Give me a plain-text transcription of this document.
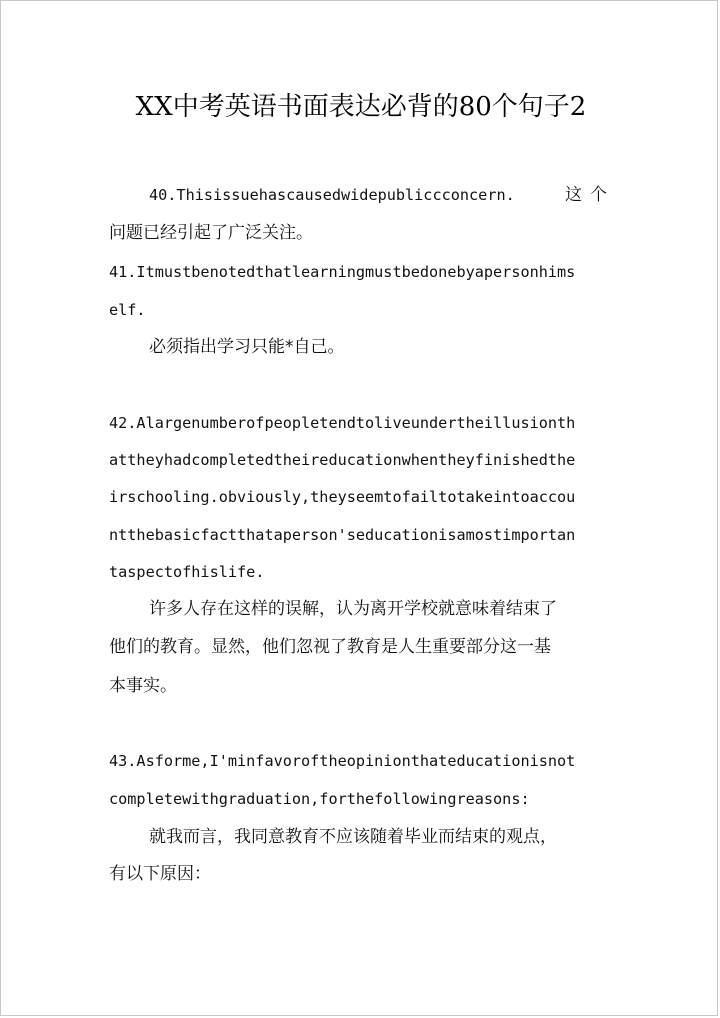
XX中考英语书面表达必背的80个句子2
40.Thisissuehascausedwidepubliccconcern.	这个
问题已经引起了广泛关注。
41.Itmustbenotedthatlearningmustbedonebyapersonhims
elf.
必须指出学习只能*自己。
42.Alargenumberofpeopletendtoliveundertheillusionth
attheyhadcompletedtheireducationwhentheyfinishedthe
irschooling.obviously,theyseemtofailtotakeintoaccou
ntthebasicfactthataperson'seducationisamostimportan
taspectofhislife.
许多人存在这样的误解，认为离开学校就意味着结束了
他们的教育。显然，他们忽视了教育是人生重要部分这一基
本事实。
43.Asforme,I'minfavoroftheopinionthateducationisnot
completewithgraduation,forthefollowingreasons:
就我而言，我同意教育不应该随着毕业而结束的观点，
有以下原因：
